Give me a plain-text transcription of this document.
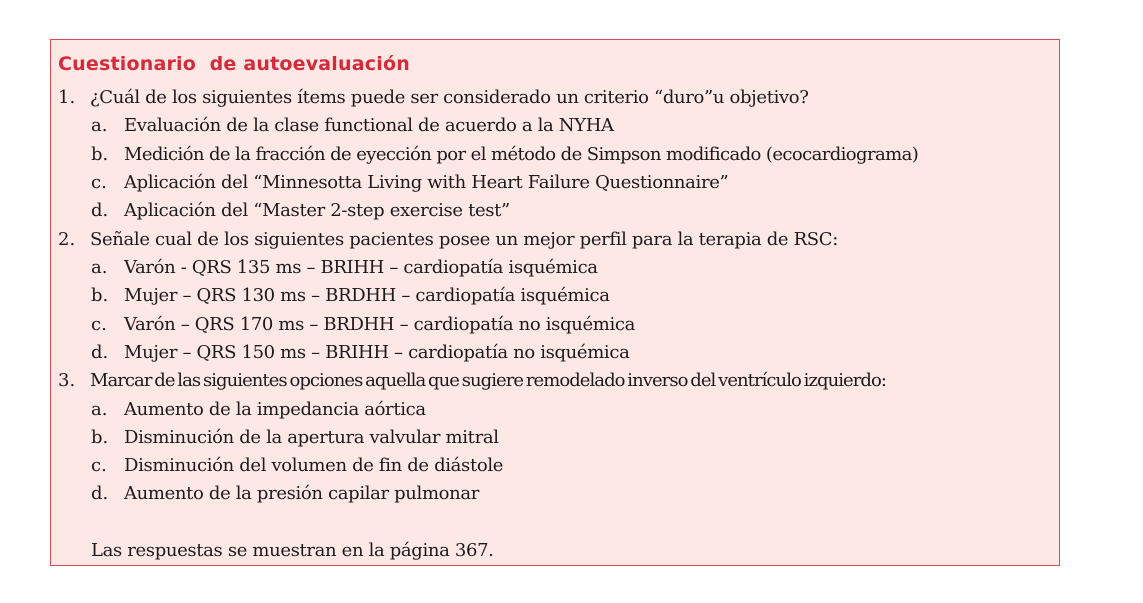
Cuestionario  de autoevaluación
1. ¿Cuál de los siguientes ítems puede ser considerado un criterio “duro”u objetivo?
a. Evaluación de la clase functional de acuerdo a la NYHA
b. Medición de la fracción de eyección por el método de Simpson modificado (ecocardiograma)
c. Aplicación del “Minnesotta Living with Heart Failure Questionnaire”
d. Aplicación del “Master 2-step exercise test”
2. Señale cual de los siguientes pacientes posee un mejor perfil para la terapia de RSC:
a. Varón - QRS 135 ms – BRIHH – cardiopatía isquémica
b. Mujer – QRS 130 ms – BRDHH – cardiopatía isquémica
c. Varón – QRS 170 ms – BRDHH – cardiopatía no isquémica
d. Mujer – QRS 150 ms – BRIHH – cardiopatía no isquémica
3. Marcar de las siguientes opciones aquella que sugiere remodelado inverso del ventrículo izquierdo:
a. Aumento de la impedancia aórtica
b. Disminución de la apertura valvular mitral
c. Disminución del volumen de fin de diástole
d. Aumento de la presión capilar pulmonar
Las respuestas se muestran en la página 367.
